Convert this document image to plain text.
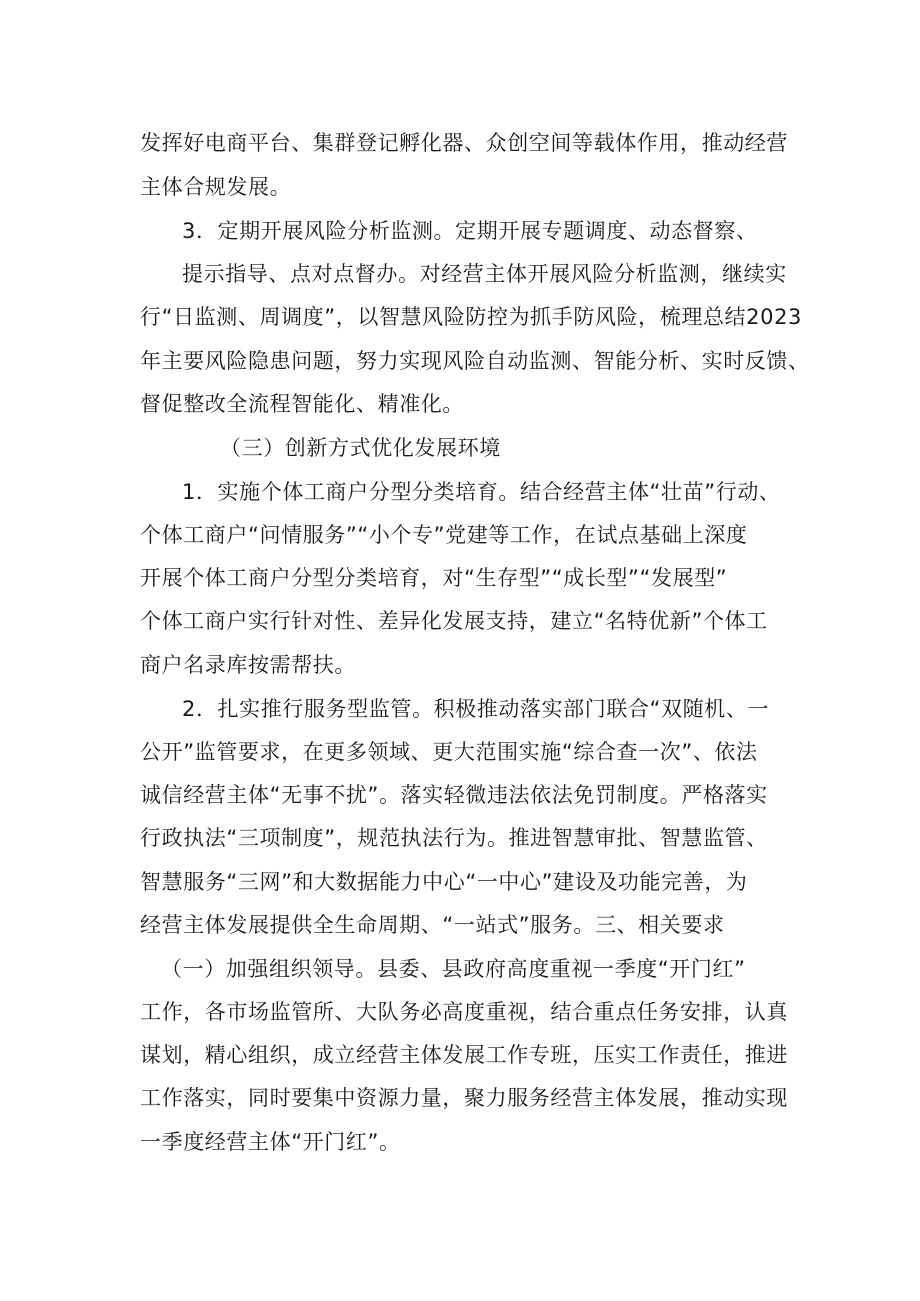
发挥好电商平台、集群登记孵化器、众创空间等载体作用，推动经营
主体合规发展。
3．定期开展风险分析监测。定期开展专题调度、动态督察、
提示指导、点对点督办。对经营主体开展风险分析监测，继续实
行“日监测、周调度”，以智慧风险防控为抓手防风险，梳理总结2023
年主要风险隐患问题，努力实现风险自动监测、智能分析、实时反馈、
督促整改全流程智能化、精准化。
（三）创新方式优化发展环境
1．实施个体工商户分型分类培育。结合经营主体“壮苗”行动、
个体工商户“问情服务”“小个专”党建等工作，在试点基础上深度
开展个体工商户分型分类培育，对“生存型”“成长型”“发展型”
个体工商户实行针对性、差异化发展支持，建立“名特优新”个体工
商户名录库按需帮扶。
2．扎实推行服务型监管。积极推动落实部门联合“双随机、一
公开”监管要求，在更多领域、更大范围实施“综合查一次”、依法
诚信经营主体“无事不扰”。落实轻微违法依法免罚制度。严格落实
行政执法“三项制度”，规范执法行为。推进智慧审批、智慧监管、
智慧服务“三网”和大数据能力中心“一中心”建设及功能完善，为
经营主体发展提供全生命周期、“一站式”服务。三、相关要求
（一）加强组织领导。县委、县政府高度重视一季度“开门红”
工作，各市场监管所、大队务必高度重视，结合重点任务安排，认真
谋划，精心组织，成立经营主体发展工作专班，压实工作责任，推进
工作落实，同时要集中资源力量，聚力服务经营主体发展，推动实现
一季度经营主体“开门红”。
